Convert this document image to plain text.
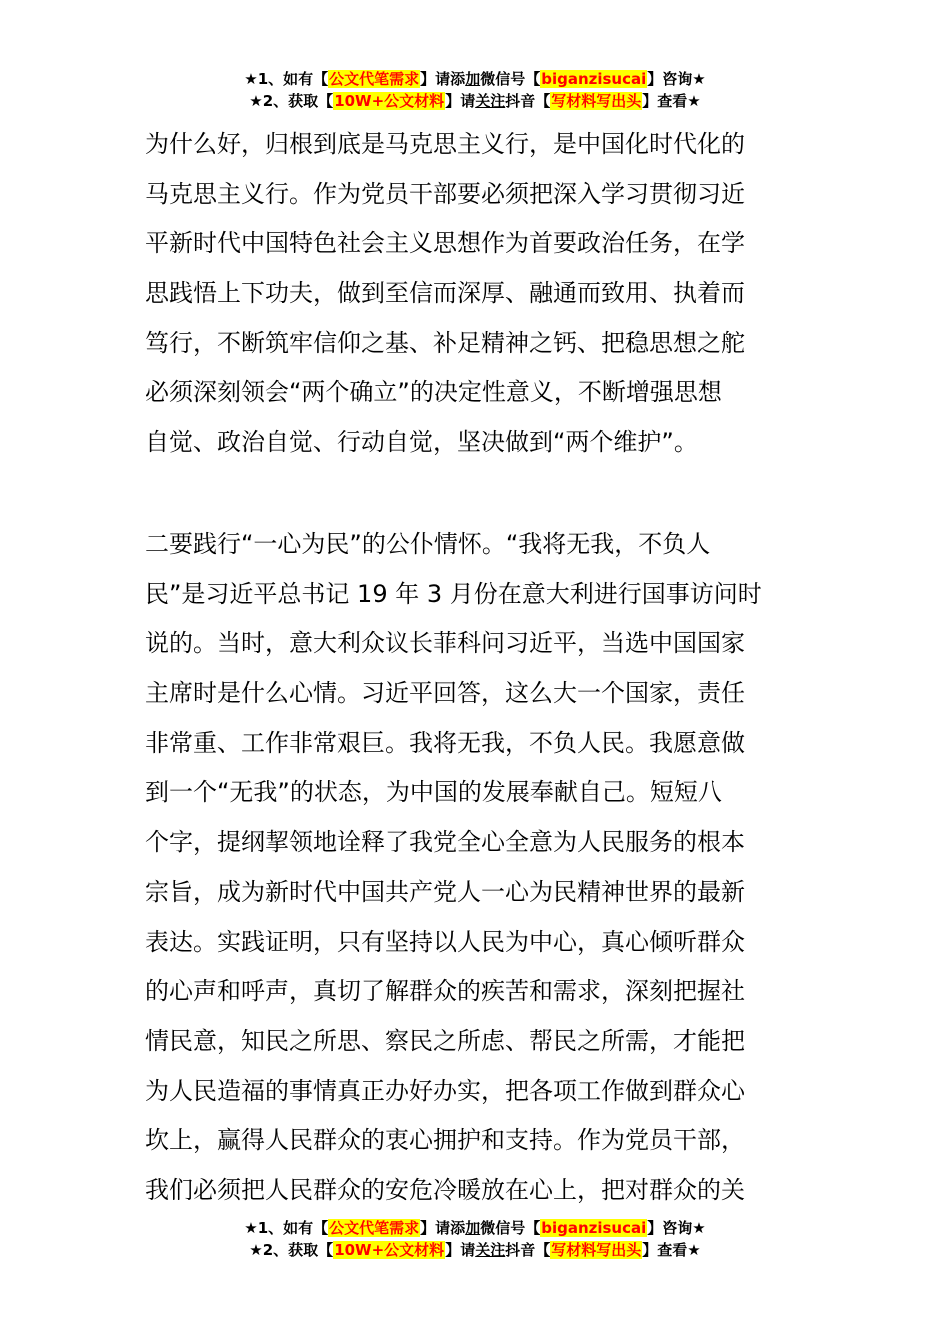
★1、如有【公文代笔需求】请添加微信号【biganzisucai】咨询★
★2、获取【10W+公文材料】请关注抖音【写材料写出头】查看★
为什么好，归根到底是马克思主义行，是中国化时代化的
马克思主义行。作为党员干部要必须把深入学习贯彻习近
平新时代中国特色社会主义思想作为首要政治任务，在学
思践悟上下功夫，做到至信而深厚、融通而致用、执着而
笃行，不断筑牢信仰之基、补足精神之钙、把稳思想之舵
必须深刻领会“两个确立”的决定性意义，不断增强思想
自觉、政治自觉、行动自觉，坚决做到“两个维护”。
二要践行“一心为民”的公仆情怀。“我将无我，不负人
民”是习近平总书记 19 年 3 月份在意大利进行国事访问时
说的。当时，意大利众议长菲科问习近平，当选中国国家
主席时是什么心情。习近平回答，这么大一个国家，责任
非常重、工作非常艰巨。我将无我，不负人民。我愿意做
到一个“无我”的状态，为中国的发展奉献自己。短短八
个字，提纲挈领地诠释了我党全心全意为人民服务的根本
宗旨，成为新时代中国共产党人一心为民精神世界的最新
表达。实践证明，只有坚持以人民为中心，真心倾听群众
的心声和呼声，真切了解群众的疾苦和需求，深刻把握社
情民意，知民之所思、察民之所虑、帮民之所需，才能把
为人民造福的事情真正办好办实，把各项工作做到群众心
坎上，赢得人民群众的衷心拥护和支持。作为党员干部，
我们必须把人民群众的安危冷暖放在心上，把对群众的关
★1、如有【公文代笔需求】请添加微信号【biganzisucai】咨询★
★2、获取【10W+公文材料】请关注抖音【写材料写出头】查看★
